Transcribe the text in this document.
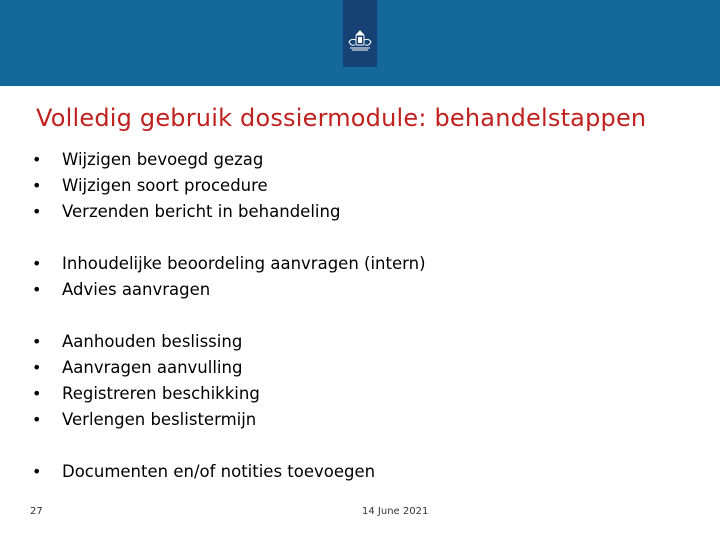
Volledig gebruik dossiermodule: behandelstappen
• Wijzigen bevoegd gezag
• Wijzigen soort procedure
• Verzenden bericht in behandeling
• Inhoudelijke beoordeling aanvragen (intern)
• Advies aanvragen
• Aanhouden beslissing
• Aanvragen aanvulling
• Registreren beschikking
• Verlengen beslistermijn
• Documenten en/of notities toevoegen
27	14 June 2021
